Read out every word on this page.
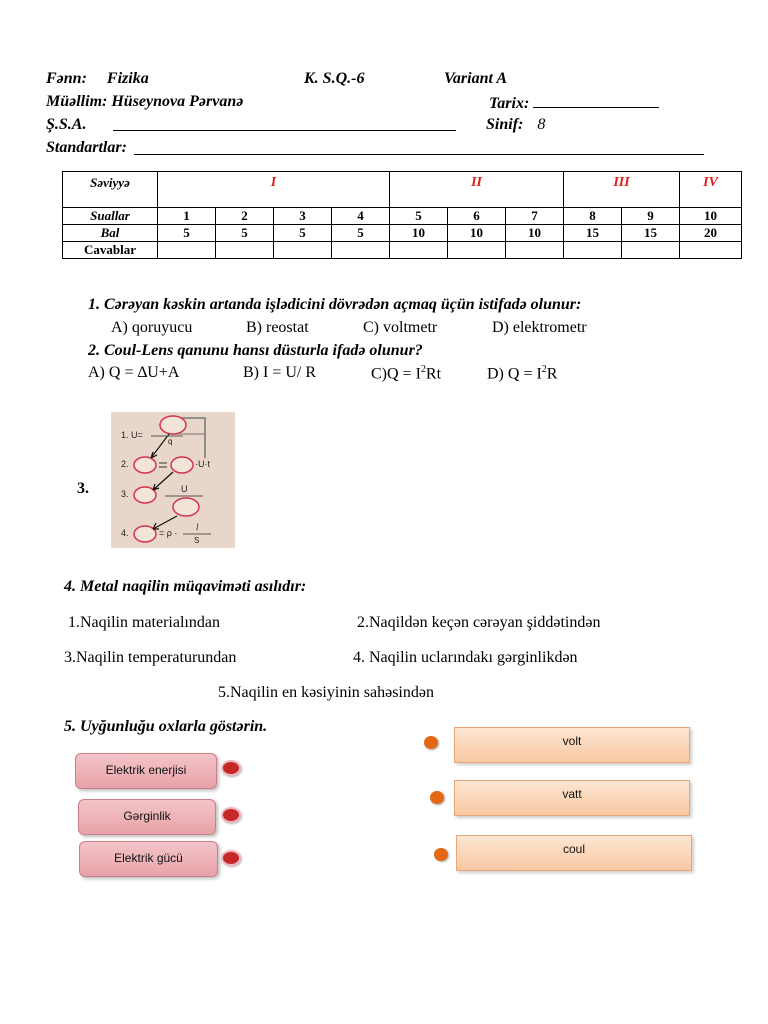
Fənn: Fizika	K. S.Q.-6	Variant A
Müəllim: Hüseynova Pərvanə	Tarix:
Ş.S.A.	Sinif: 8
Standartlar:
Səviyyə	I				II			III		IV
Suallar	1	2	3	4	5	6	7	8	9	10
Bal	5	5	5	5	10	10	10	15	15	20
Cavablar										
1. Cərəyan kəskin artanda işlədicini dövrədən açmaq üçün istifadə olunur:
A) qoruyucu	B) reostat	C) voltmetr	D) elektrometr
2. Coul-Lens qanunu hansı düsturla ifadə olunur?
A) Q = ∆U+A	B) I = U/ R	$C)Q = I^2Rt$	D) $Q = I^2R$
3.
1. U=
q
2.	·U·t
3.	U
4.	= ρ ·
l
S
4. Metal naqilin müqaviməti asılıdır:
1.Naqilin materialından	2.Naqildən keçən cərəyan şiddətindən
3.Naqilin temperaturundan	4. Naqilin uclarındakı gərginlikdən
5.Naqilin en kəsiyinin sahəsindən
5. Uyğunluğu oxlarla göstərin.
Elektrik enerjisi
Gərginlik
Elektrik gücü
volt
vatt
coul
